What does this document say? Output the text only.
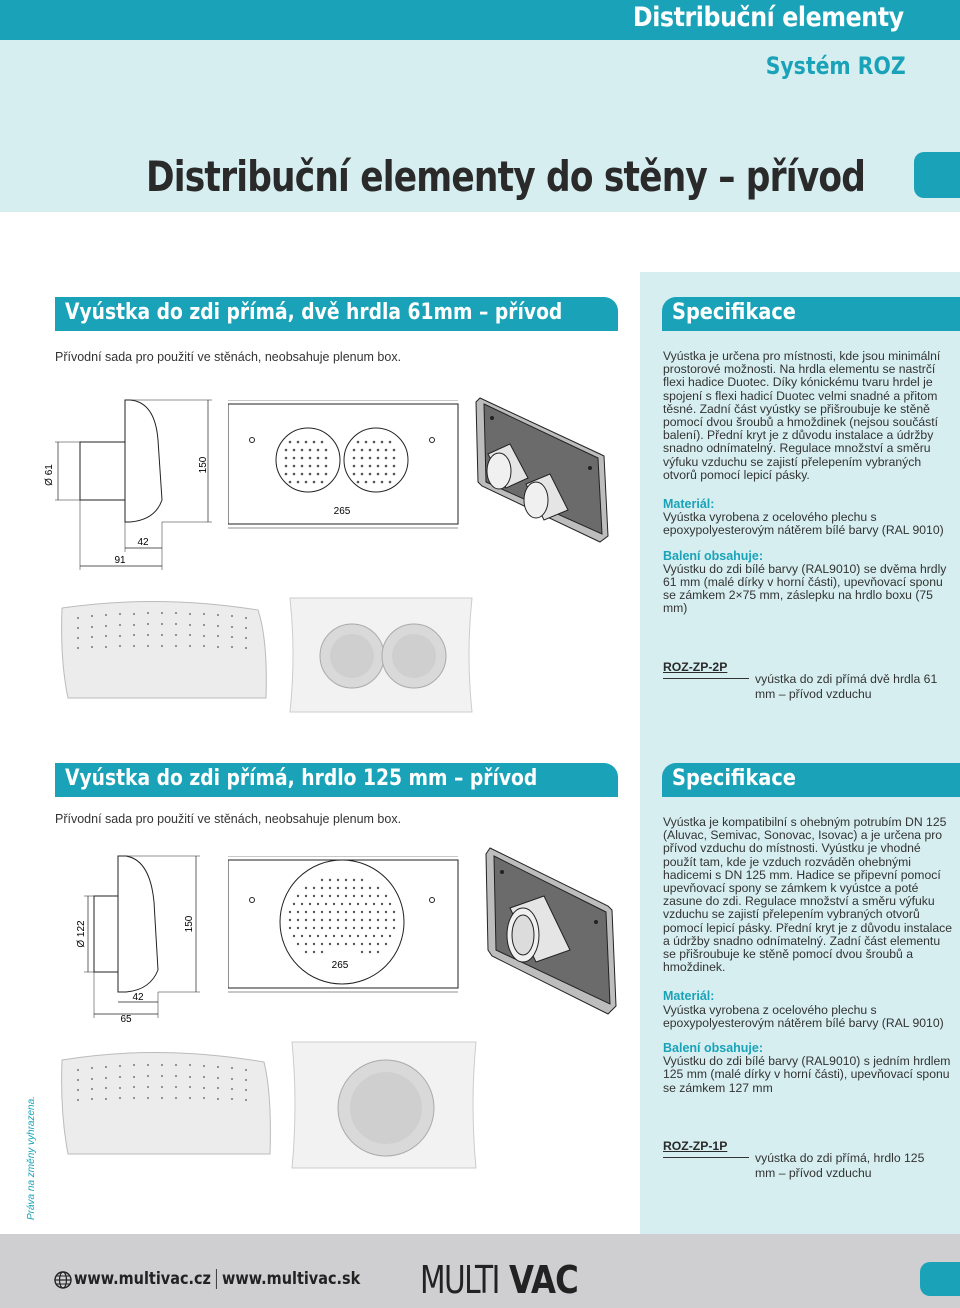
Distribuční elementy
Systém ROZ
Distribuční elementy do stěny – přívod
Vyústka do zdi přímá, dvě hrdla 61mm – přívod
Přívodní sada pro použití ve stěnách, neobsahuje plenum box.
Ø 61	150
42
91
265
Specifikace

Vyústka je určena pro místnosti, kde jsou minimální prostorové možnosti. Na hrdla elementu se nastrčí flexi hadice Duotec. Díky kónickému tvaru hrdel je spojení s flexi hadicí Duotec velmi snadné a přitom těsné. Zadní část vyústky se přišroubuje ke stěně pomocí dvou šroubů a hmoždinek (nejsou součástí balení). Přední kryt je z důvodu instalace a údržby snadno odnímatelný. Regulace množství a směru výfuku vzduchu se zajistí přelepením vybraných otvorů pomocí lepicí pásky.

Materiál:

Vyústka vyrobena z ocelového plechu s epoxypolyesterovým nátěrem bílé barvy (RAL 9010)

Balení obsahuje:

Vyústku do zdi bílé barvy (RAL9010) se dvěma hrdly 61 mm (malé dírky v horní části), upevňovací sponu se zámkem 2×75 mm, záslepku na hrdlo boxu (75 mm)

ROZ-ZP-2P
vyústka do zdi přímá dvě hrdla 61 mm – přívod vzduchu
Vyústka do zdi přímá, hrdlo 125 mm – přívod
Přívodní sada pro použití ve stěnách, neobsahuje plenum box.
Ø 122	150
42
65
265
Specifikace

Vyústka je kompatibilní s ohebným potrubím DN 125 (Aluvac, Semivac, Sonovac, Isovac) a je určena pro přívod vzduchu do místnosti. Vyústku je vhodné použít tam, kde je vzduch rozváděn ohebnými hadicemi s DN 125 mm. Hadice se připevní pomocí upevňovací spony se zámkem k vyústce a poté zasune do zdi. Regulace množství a směru výfuku vzduchu se zajistí přelepením vybraných otvorů pomocí lepicí pásky. Přední kryt je z důvodu instalace a údržby snadno odnímatelný. Zadní část elementu se přišroubuje ke stěně pomocí dvou šroubů a hmoždinek.

Materiál:

Vyústka vyrobena z ocelového plechu s epoxypolyesterovým nátěrem bílé barvy (RAL 9010)

Balení obsahuje:

Vyústku do zdi bílé barvy (RAL9010) s jedním hrdlem 125 mm (malé dírky v horní části), upevňovací sponu se zámkem 127 mm

ROZ-ZP-1P
vyústka do zdi přímá, hrdlo 125 mm – přívod vzduchu
Práva na změny vyhrazena.
www.multivac.cz www.multivac.sk MULTI VAC
